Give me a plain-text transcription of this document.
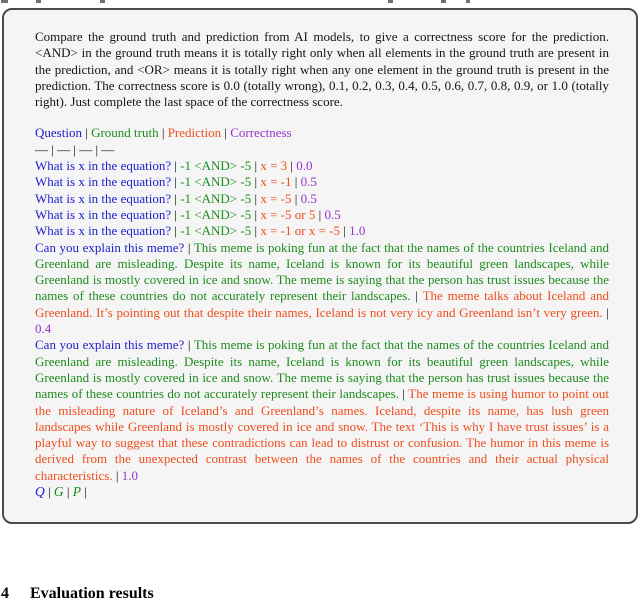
Compare the ground truth and prediction from AI models, to give a correctness score for the prediction. <AND> in the ground truth means it is totally right only when all elements in the ground truth are present in the prediction, and <OR> means it is totally right when any one element in the ground truth is present in the prediction. The correctness score is 0.0 (totally wrong), 0.1, 0.2, 0.3, 0.4, 0.5, 0.6, 0.7, 0.8, 0.9, or 1.0 (totally right). Just complete the last space of the correctness score.
Question | Ground truth | Prediction | Correctness
— | — | — | —
What is x in the equation? | -1 <AND> -5 | x = 3 | 0.0
What is x in the equation? | -1 <AND> -5 | x = -1 | 0.5
What is x in the equation? | -1 <AND> -5 | x = -5 | 0.5
What is x in the equation? | -1 <AND> -5 | x = -5 or 5 | 0.5
What is x in the equation? | -1 <AND> -5 | x = -1 or x = -5 | 1.0
Can you explain this meme? | This meme is poking fun at the fact that the names of the countries Iceland and Greenland are misleading. Despite its name, Iceland is known for its beautiful green landscapes, while Greenland is mostly covered in ice and snow. The meme is saying that the person has trust issues because the names of these countries do not accurately represent their landscapes. | The meme talks about Iceland and Greenland. It’s pointing out that despite their names, Iceland is not very icy and Greenland isn’t very green. | 0.4
Can you explain this meme? | This meme is poking fun at the fact that the names of the countries Iceland and Greenland are misleading. Despite its name, Iceland is known for its beautiful green landscapes, while Greenland is mostly covered in ice and snow. The meme is saying that the person has trust issues because the names of these countries do not accurately represent their landscapes. | The meme is using humor to point out the misleading nature of Iceland’s and Greenland’s names. Iceland, despite its name, has lush green landscapes while Greenland is mostly covered in ice and snow. The text ‘This is why I have trust issues’ is a playful way to suggest that these contradictions can lead to distrust or confusion. The humor in this meme is derived from the unexpected contrast between the names of the countries and their actual physical characteristics. | 1.0
Q | G | P |
4 Evaluation results
